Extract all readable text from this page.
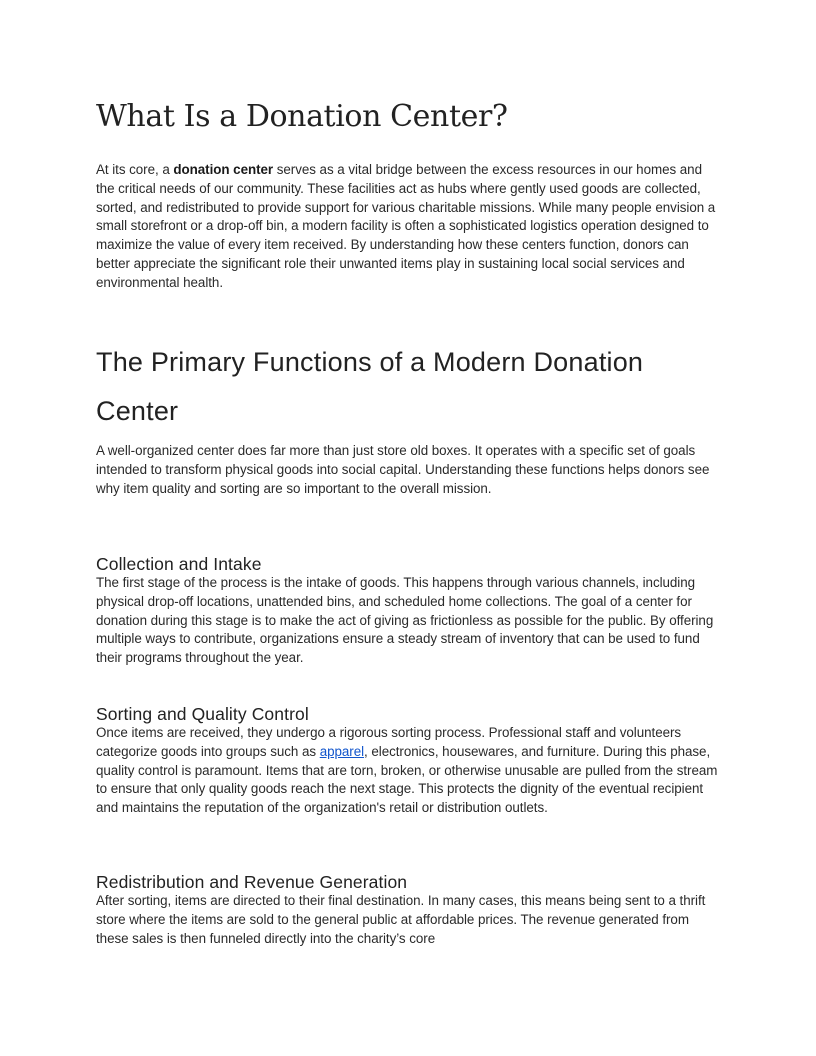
What Is a Donation Center?

At its core, a donation center serves as a vital bridge between the excess resources in our homes and the critical needs of our community. These facilities act as hubs where gently used goods are collected, sorted, and redistributed to provide support for various charitable missions. While many people envision a small storefront or a drop-off bin, a modern facility is often a sophisticated logistics operation designed to maximize the value of every item received. By understanding how these centers function, donors can better appreciate the significant role their unwanted items play in sustaining local social services and environmental health.

The Primary Functions of a Modern Donation Center

A well-organized center does far more than just store old boxes. It operates with a specific set of goals intended to transform physical goods into social capital. Understanding these functions helps donors see why item quality and sorting are so important to the overall mission.

Collection and Intake

The first stage of the process is the intake of goods. This happens through various channels, including physical drop-off locations, unattended bins, and scheduled home collections. The goal of a center for donation during this stage is to make the act of giving as frictionless as possible for the public. By offering multiple ways to contribute, organizations ensure a steady stream of inventory that can be used to fund their programs throughout the year.

Sorting and Quality Control

Once items are received, they undergo a rigorous sorting process. Professional staff and volunteers categorize goods into groups such as apparel, electronics, housewares, and furniture. During this phase, quality control is paramount. Items that are torn, broken, or otherwise unusable are pulled from the stream to ensure that only quality goods reach the next stage. This protects the dignity of the eventual recipient and maintains the reputation of the organization's retail or distribution outlets.

Redistribution and Revenue Generation

After sorting, items are directed to their final destination. In many cases, this means being sent to a thrift store where the items are sold to the general public at affordable prices. The revenue generated from these sales is then funneled directly into the charity’s core
